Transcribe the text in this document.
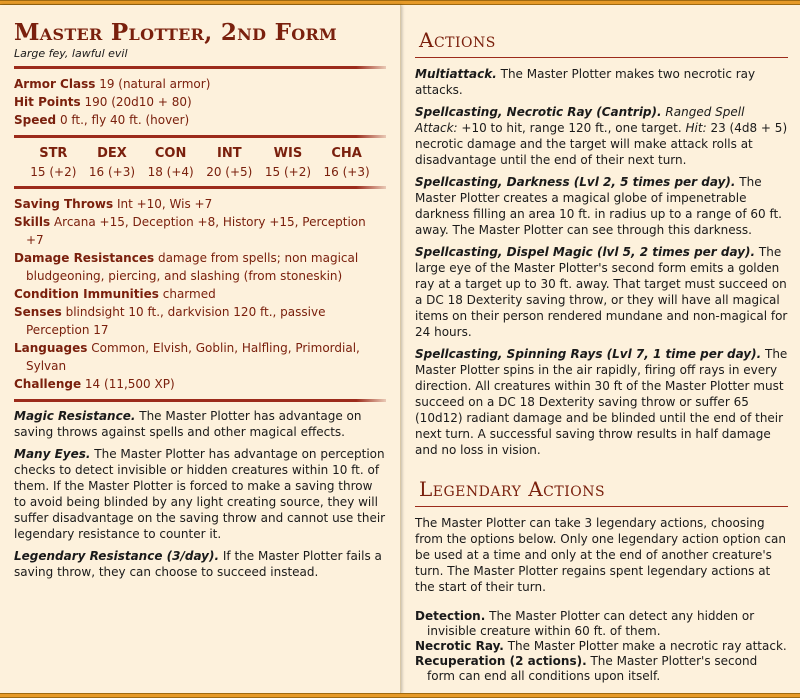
Master Plotter, 2nd Form
Large fey, lawful evil

Armor Class 19 (natural armor)

Hit Points 190 (20d10 + 80)

Speed 0 ft., fly 40 ft. (hover)

STR
15 (+2)
DEX
16 (+3)
CON
18 (+4)
INT
20 (+5)
WIS
15 (+2)
CHA
16 (+3)

Saving Throws Int +10, Wis +7

Skills Arcana +15, Deception +8, History +15, Perception +7

Damage Resistances damage from spells; non magical bludgeoning, piercing, and slashing (from stoneskin)

Condition Immunities charmed

Senses blindsight 10 ft., darkvision 120 ft., passive Perception 17

Languages Common, Elvish, Goblin, Halfling, Primordial, Sylvan

Challenge 14 (11,500 XP)

Magic Resistance. The Master Plotter has advantage on saving throws against spells and other magical effects.

Many Eyes. The Master Plotter has advantage on perception checks to detect invisible or hidden creatures within 10 ft. of them. If the Master Plotter is forced to make a saving throw to avoid being blinded by any light creating source, they will suffer disadvantage on the saving throw and cannot use their legendary resistance to counter it.

Legendary Resistance (3/day). If the Master Plotter fails a saving throw, they can choose to succeed instead.

Actions

Multiattack. The Master Plotter makes two necrotic ray attacks.

Spellcasting, Necrotic Ray (Cantrip). Ranged Spell Attack: +10 to hit, range 120 ft., one target. Hit: 23 (4d8 + 5) necrotic damage and the target will make attack rolls at disadvantage until the end of their next turn.

Spellcasting, Darkness (Lvl 2, 5 times per day). The Master Plotter creates a magical globe of impenetrable darkness filling an area 10 ft. in radius up to a range of 60 ft. away. The Master Plotter can see through this darkness.

Spellcasting, Dispel Magic (lvl 5, 2 times per day). The large eye of the Master Plotter's second form emits a golden ray at a target up to 30 ft. away. That target must succeed on a DC 18 Dexterity saving throw, or they will have all magical items on their person rendered mundane and non-magical for 24 hours.

Spellcasting, Spinning Rays (Lvl 7, 1 time per day). The Master Plotter spins in the air rapidly, firing off rays in every direction. All creatures within 30 ft of the Master Plotter must succeed on a DC 18 Dexterity saving throw or suffer 65 (10d12) radiant damage and be blinded until the end of their next turn. A successful saving throw results in half damage and no loss in vision.

Legendary Actions

The Master Plotter can take 3 legendary actions, choosing from the options below. Only one legendary action option can be used at a time and only at the end of another creature's turn. The Master Plotter regains spent legendary actions at the start of their turn.

Detection. The Master Plotter can detect any hidden or invisible creature within 60 ft. of them.

Necrotic Ray. The Master Plotter make a necrotic ray attack.

Recuperation (2 actions). The Master Plotter's second form can end all conditions upon itself.
